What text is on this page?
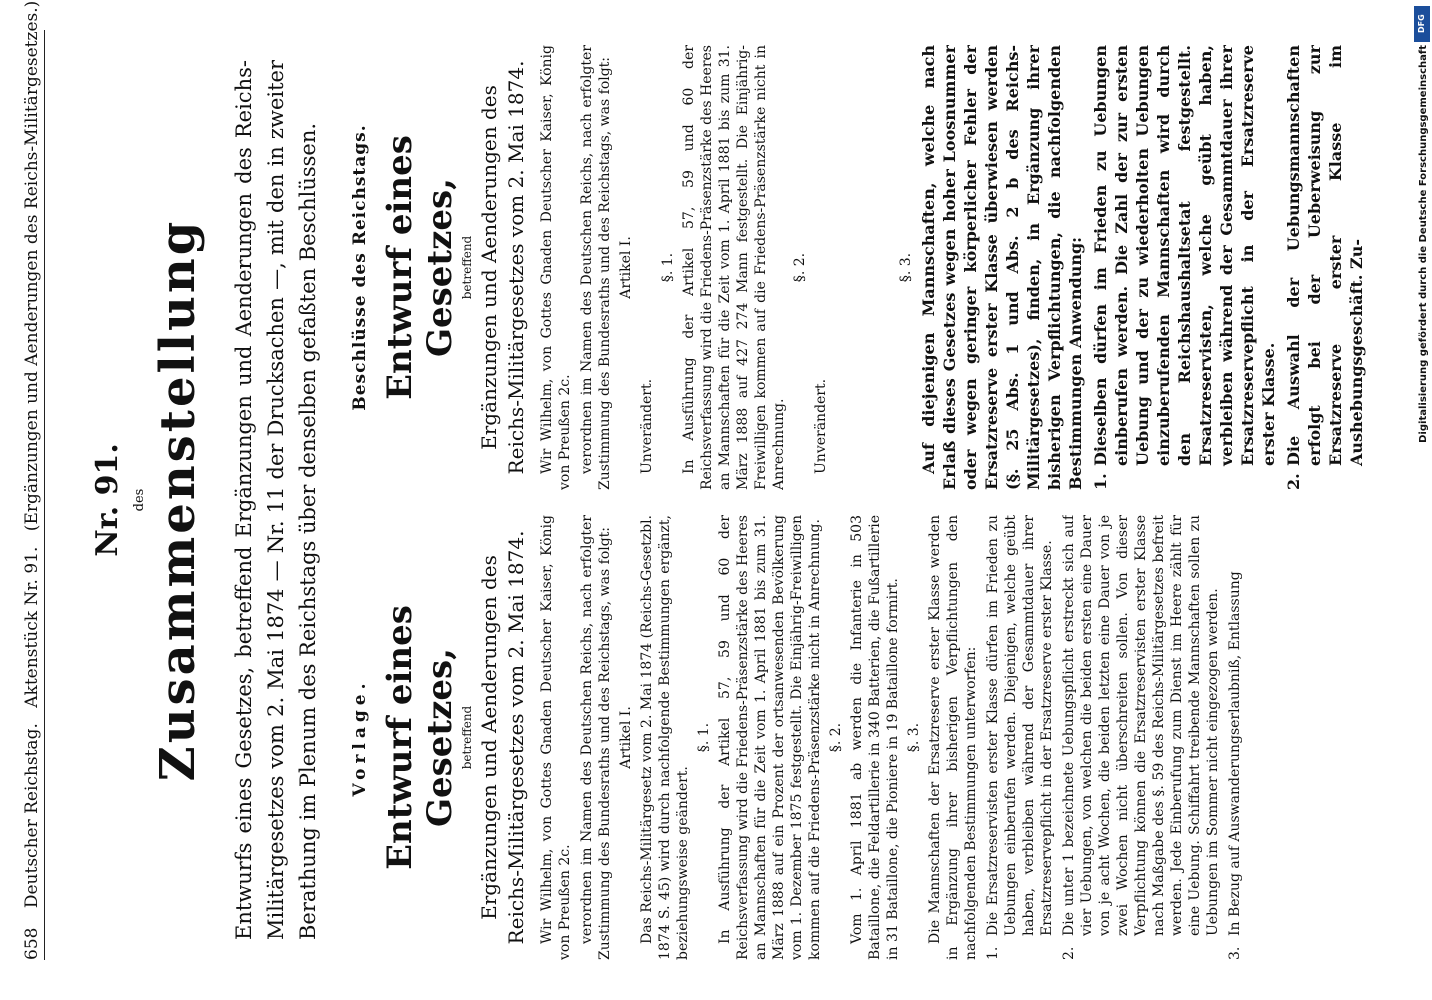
658 Deutscher Reichstag. Aktenstück Nr. 91. (Ergänzungen und Aenderungen des Reichs-Militärgesetzes.) Nr. 91. des Zusammenstellung Entwurfs eines Gesetzes, betreffend Ergänzungen und Aenderungen des Reichs-Militärgesetzes vom 2. Mai 1874 — Nr. 11 der Drucksachen —, mit den in zweiter Berathung im Plenum des Reichstags über denselben gefaßten Beschlüssen. Vorlage. Entwurf eines Gesetzes, betreffend Ergänzungen und Aenderungen des Reichs-Militärgesetzes vom 2. Mai 1874. Wir Wilhelm, von Gottes Gnaden Deutscher Kaiser, König von Preußen 2c. verordnen im Namen des Deutschen Reichs, nach erfolgter Zustimmung des Bundesraths und des Reichstags, was folgt: Artikel I. Das Reichs-Militärgesetz vom 2. Mai 1874 (Reichs-Gesetzbl. 1874 S. 45) wird durch nachfolgende Bestimmungen ergänzt, beziehungsweise geändert.

§. 1. In Ausführung der Artikel 57, 59 und 60 der Reichsverfassung wird die Friedens-Präsenzstärke des Heeres an Mannschaften für die Zeit vom 1. April 1881 bis zum 31. März 1888 auf ein Prozent der ortsanwesenden Bevölkerung vom 1. Dezember 1875 festgestellt. Die Einjährig-Freiwilligen kommen auf die Friedens-Präsenzstärke nicht in Anrechnung. §. 2. Vom 1. April 1881 ab werden die Infanterie in 503 Bataillone, die Feldartillerie in 340 Batterien, die Fußartillerie in 31 Bataillone, die Pioniere in 19 Bataillone formirt. §. 3. Die Mannschaften der Ersatzreserve erster Klasse werden in Ergänzung ihrer bisherigen Verpflichtungen den nachfolgenden Bestimmungen unterworfen: 1.
Die Ersatzreservisten erster Klasse dürfen im Frieden zu Uebungen einberufen werden. Diejenigen, welche geübt haben, verbleiben während der Gesammtdauer ihrer Ersatzreservepflicht in der Ersatzreserve erster Klasse.
2.
Die unter 1 bezeichnete Uebungspflicht erstreckt sich auf vier Uebungen, von welchen die beiden ersten eine Dauer von je acht Wochen, die beiden letzten eine Dauer von je zwei Wochen nicht überschreiten sollen. Von dieser Verpflichtung können die Ersatzreservisten erster Klasse nach Maßgabe des §. 59 des Reichs-Militärgesetzes befreit werden. Jede Einberufung zum Dienst im Heere zählt für eine Uebung. Schiffahrt treibende Mannschaften sollen zu Uebungen im Sommer nicht eingezogen werden.
3.
In Bezug auf Auswanderungserlaubniß, Entlassung
Beschlüsse des Reichstags. Entwurf eines Gesetzes, betreffend Ergänzungen und Aenderungen des Reichs-Militärgesetzes vom 2. Mai 1874. Wir Wilhelm, von Gottes Gnaden Deutscher Kaiser, König von Preußen 2c. verordnen im Namen des Deutschen Reichs, nach erfolgter Zustimmung des Bundesraths und des Reichstags, was folgt: Artikel I.

Unverändert.

§. 1. In Ausführung der Artikel 57, 59 und 60 der Reichsverfassung wird die Friedens-Präsenzstärke des Heeres an Mannschaften für die Zeit vom 1. April 1881 bis zum 31. März 1888 auf 427 274 Mann festgestellt. Die Einjährig-Freiwilligen kommen auf die Friedens-Präsenzstärke nicht in Anrechnung.

§. 2.

Unverändert.

§. 3. Auf diejenigen Mannschaften, welche nach Erlaß dieses Gesetzes wegen hoher Loosnummer oder wegen geringer körperlicher Fehler der Ersatzreserve erster Klasse überwiesen werden (§. 25 Abs. 1 und Abs. 2 b des Reichs-Militärgesetzes), finden, in Ergänzung ihrer bisherigen Verpflichtungen, die nachfolgenden Bestimmungen Anwendung: 1.
Dieselben dürfen im Frieden zu Uebungen einberufen werden. Die Zahl der zur ersten Uebung und der zu wiederholten Uebungen einzuberufenden Mannschaften wird durch den Reichshaushaltsetat festgestellt. Ersatzreservisten, welche geübt haben, verbleiben während der Gesammtdauer ihrer Ersatzreservepflicht in der Ersatzreserve erster Klasse.
2.
Die Auswahl der Uebungsmannschaften erfolgt bei der Ueberweisung zur Ersatzreserve erster Klasse im Aushebungsgeschäft. Zu-	Digitalisierung gefördert durch die Deutsche Forschungsgemeinschaft
DFG
